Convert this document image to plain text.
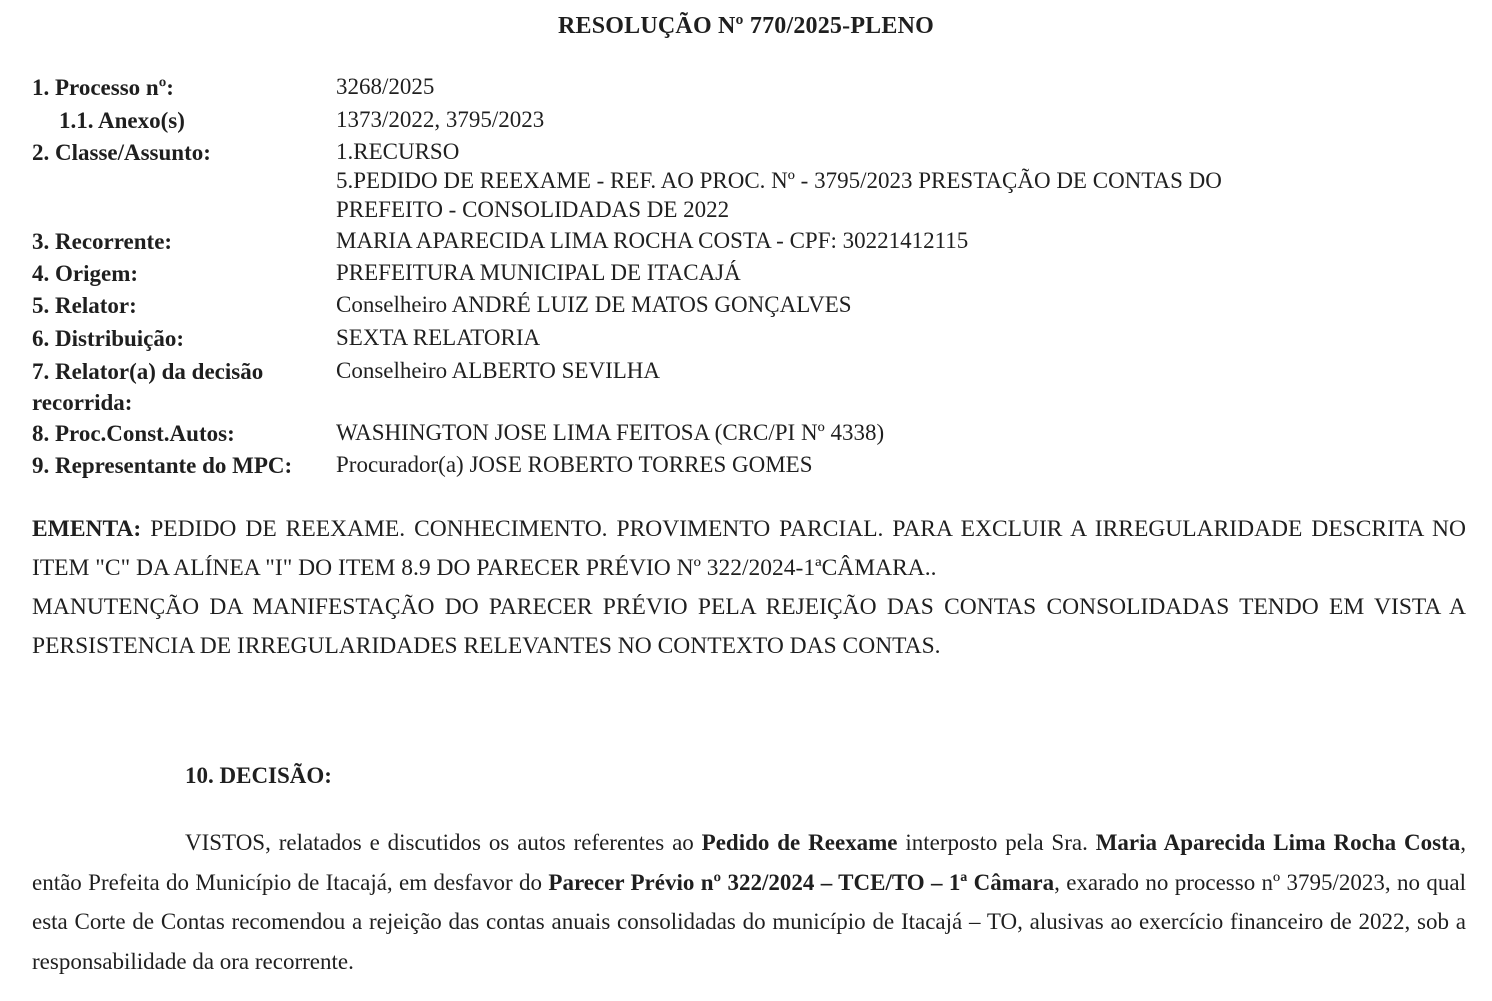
RESOLUÇÃO Nº 770/2025-PLENO
1. Processo nº:	3268/2025
1.1. Anexo(s)	1373/2022, 3795/2023
2. Classe/Assunto:	1.RECURSO
5.PEDIDO DE REEXAME - REF. AO PROC. Nº - 3795/2023 PRESTAÇÃO DE CONTAS DO
PREFEITO - CONSOLIDADAS DE 2022
3. Recorrente:	MARIA APARECIDA LIMA ROCHA COSTA - CPF: 30221412115
4. Origem:	PREFEITURA MUNICIPAL DE ITACAJÁ
5. Relator:	Conselheiro ANDRÉ LUIZ DE MATOS GONÇALVES
6. Distribuição:	SEXTA RELATORIA
7. Relator(a) da decisão recorrida:
Conselheiro ALBERTO SEVILHA
8. Proc.Const.Autos:	WASHINGTON JOSE LIMA FEITOSA (CRC/PI Nº 4338)
9. Representante do MPC: Procurador(a) JOSE ROBERTO TORRES GOMES

EMENTA: PEDIDO DE REEXAME. CONHECIMENTO. PROVIMENTO PARCIAL. PARA EXCLUIR A IRREGULARIDADE DESCRITA NO ITEM "C" DA ALÍNEA "I" DO ITEM 8.9 DO PARECER PRÉVIO Nº 322/2024-1ªCÂMARA..

MANUTENÇÃO DA MANIFESTAÇÃO DO PARECER PRÉVIO PELA REJEIÇÃO DAS CONTAS CONSOLIDADAS TENDO EM VISTA A PERSISTENCIA DE IRREGULARIDADES RELEVANTES NO CONTEXTO DAS CONTAS.

10. DECISÃO:
VISTOS, relatados e discutidos os autos referentes ao Pedido de Reexame interposto pela Sra. Maria Aparecida Lima Rocha Costa, então Prefeita do Município de Itacajá, em desfavor do Parecer Prévio nº 322/2024 – TCE/TO – 1ª Câmara, exarado no processo nº 3795/2023, no qual esta Corte de Contas recomendou a rejeição das contas anuais consolidadas do município de Itacajá – TO, alusivas ao exercício financeiro de 2022, sob a responsabilidade da ora recorrente.
